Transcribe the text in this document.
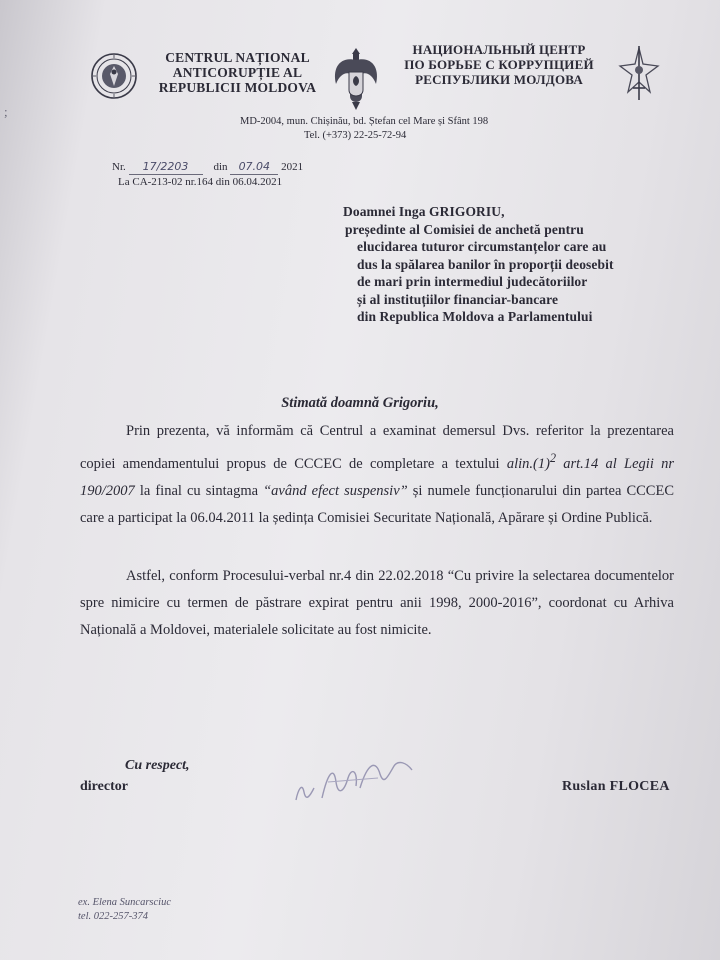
;
CENTRUL NAȚIONAL
ANTICORUPȚIE AL
REPUBLICII MOLDOVA
НАЦИОНАЛЬНЫЙ ЦЕНТР
ПО БОРЬБЕ С КОРРУПЦИЕЙ
РЕСПУБЛИКИ МОЛДОВА
MD-2004, mun. Chișinău, bd. Ștefan cel Mare și Sfânt 198
Tel. (+373) 22-25-72-94
Nr. 17/2203 din 07.04 2021
La CA-213-02 nr.164 din 06.04.2021
Doamnei Inga GRIGORIU,
președinte al Comisiei de anchetă pentru
elucidarea tuturor circumstanțelor care au
dus la spălarea banilor în proporții deosebit
de mari prin intermediul judecătoriilor
și al instituțiilor financiar-bancare
din Republica Moldova a Parlamentului
Stimată doamnă Grigoriu,
Prin prezenta, vă informăm că Centrul a examinat demersul Dvs. referitor la prezentarea copiei amendamentului propus de CCCEC de completare a textului $alin.(1)^2$ art.14 al Legii nr 190/2007 la final cu sintagma “având efect suspensiv” și numele funcționarului din partea CCCEC care a participat la 06.04.2011 la ședința Comisiei Securitate Națională, Apărare și Ordine Publică.
Astfel, conform Procesului-verbal nr.4 din 22.02.2018 “Cu privire la selectarea documentelor spre nimicire cu termen de păstrare expirat pentru anii 1998, 2000-2016”, coordonat cu Arhiva Națională a Moldovei, materialele solicitate au fost nimicite.
Cu respect,
director	Ruslan FLOCEA
ex. Elena Suncarsciuc
tel. 022-257-374
